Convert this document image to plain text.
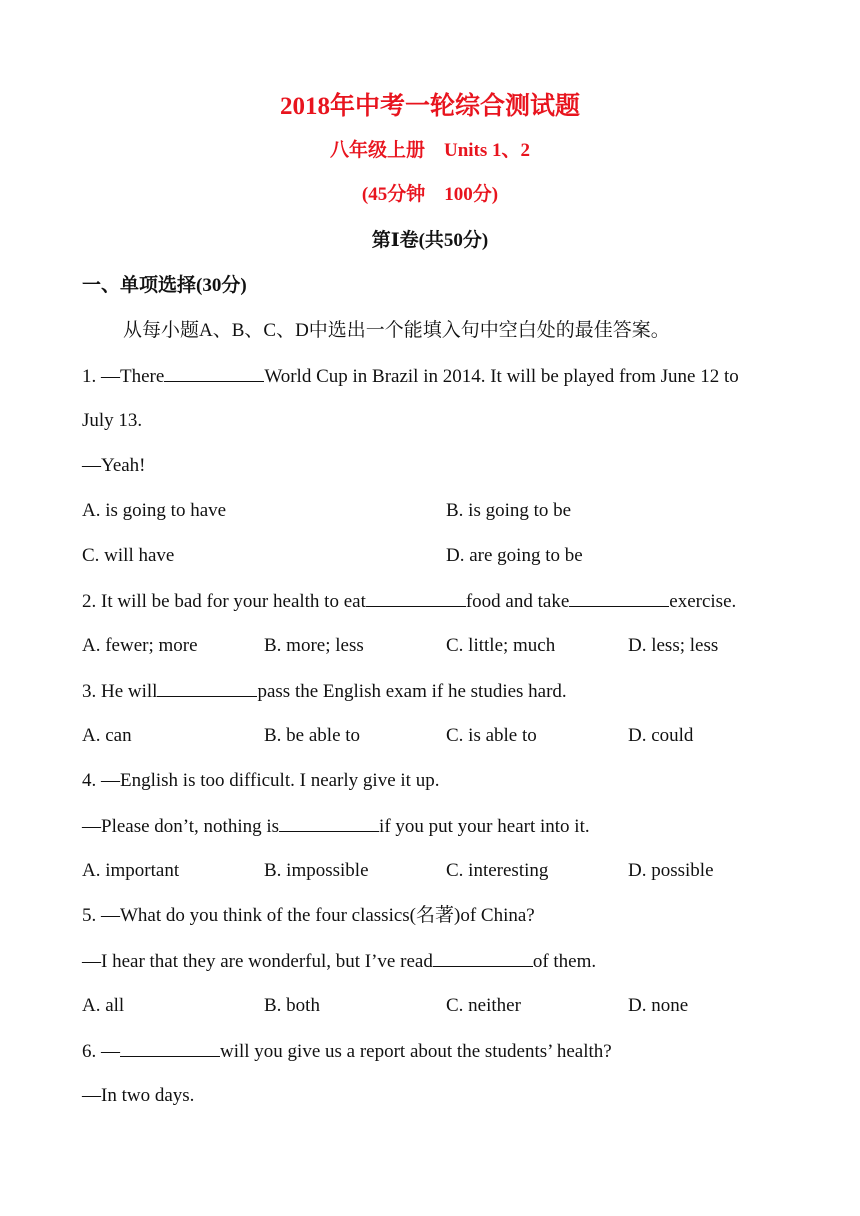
2018年中考一轮综合测试题
八年级上册　Units 1、2
(45分钟　100分)
第Ⅰ卷(共50分)
一、单项选择(30分)
从每小题A、B、C、D中选出一个能填入句中空白处的最佳答案。
1. —There	World Cup in Brazil in 2014. It will be played from June 12 to
July 13.
—Yeah!
A. is going to have	B. is going to be
C. will have	D. are going to be
2. It will be bad for your health to eat	food and take	exercise.
A. fewer; more	B. more; less	C. little; much	D. less; less
3. He will	pass the English exam if he studies hard.
A. can	B. be able to	C. is able to	D. could
4. —English is too difficult. I nearly give it up.
—Please don’t, nothing is	if you put your heart into it.
A. important	B. impossible	C. interesting	D. possible
5. —What do you think of the four classics(名著)of China?
—I hear that they are wonderful, but I’ve read	of them.
A. all	B. both	C. neither	D. none
6. —	will you give us a report about the students’ health?
—In two days.
